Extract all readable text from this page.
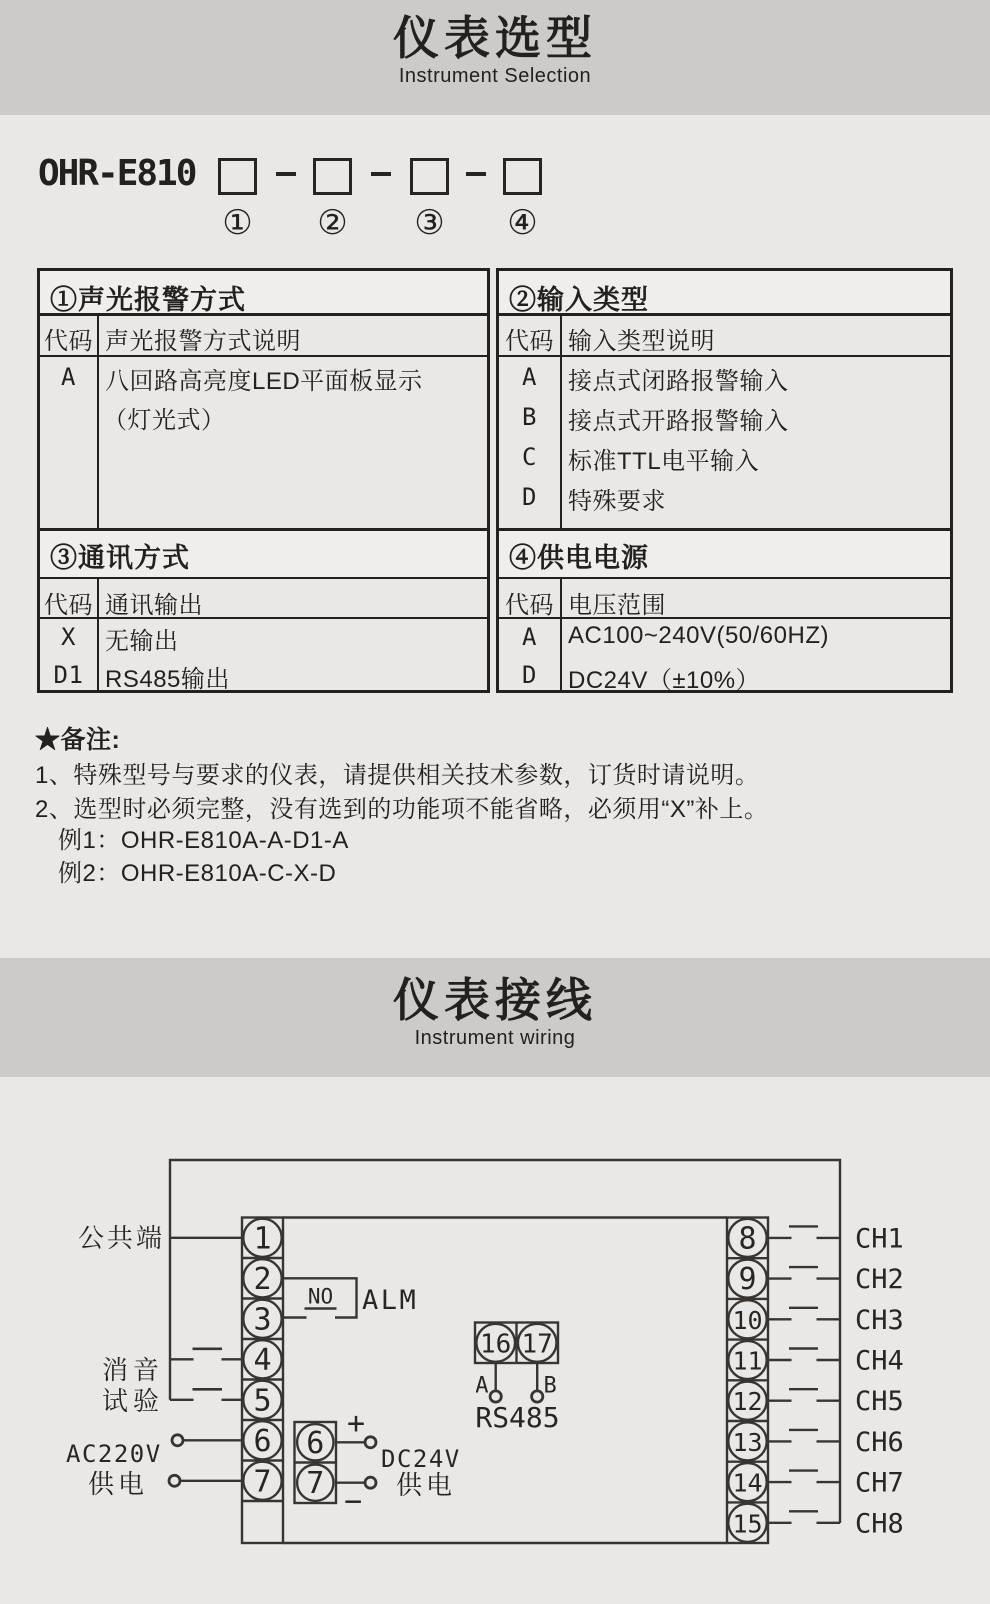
仪表选型
Instrument Selection
OHR-E810
① ② ③ ④
①声光报警方式
代码 声光报警方式说明
A	八回路高亮度LED平面板显示
（灯光式）
③通讯方式
代码 通讯输出
X	无输出
D1 RS485输出
②输入类型
代码 输入类型说明
A	接点式闭路报警输入
B	接点式开路报警输入
C	标准TTL电平输入
D	特殊要求
④供电电源
代码 电压范围
A	AC100~240V(50/60HZ)
D	DC24V（±10%）
★备注:
1、特殊型号与要求的仪表，请提供相关技术参数，订货时请说明。
2、选型时必须完整，没有选到的功能项不能省略，必须用“X”补上。
例1：OHR-E810A-A-D1-A
例2：OHR-E810A-C-X-D
仪表接线
Instrument wiring
1
2
3
4
5
6
7
8
9
10
11
12
13
14
15
6
7
16 17
CH1
CH2
CH3
CH4
CH5
CH6
CH7
CH8
公共端
消音
试验
AC220V
供电
DC24V
供电
+
−
NO ALM
A	B
RS485
